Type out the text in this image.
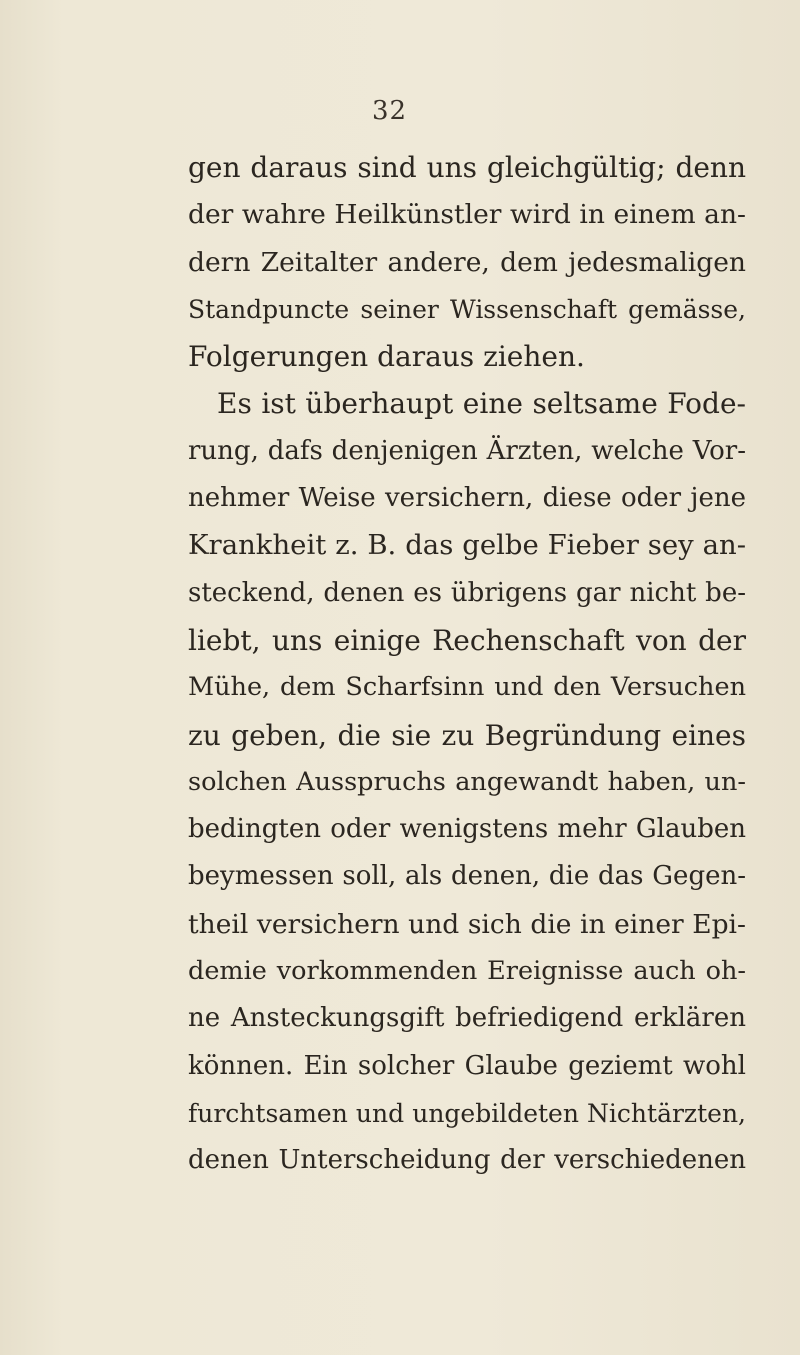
32
gen daraus sind uns gleichgültig; denn
der wahre Heilkünstler wird in einem an-
dern Zeitalter andere, dem jedesmaligen
Standpuncte seiner Wissenschaft gemässe,
Folgerungen daraus ziehen.
Es ist überhaupt eine seltsame Fode-
rung, dafs denjenigen Ärzten, welche Vor-
nehmer Weise versichern, diese oder jene
Krankheit z. B. das gelbe Fieber sey an-
steckend, denen es übrigens gar nicht be-
liebt, uns einige Rechenschaft von der
Mühe, dem Scharfsinn und den Versuchen
zu geben, die sie zu Begründung eines
solchen Ausspruchs angewandt haben, un-
bedingten oder wenigstens mehr Glauben
beymessen soll, als denen, die das Gegen-
theil versichern und sich die in einer Epi-
demie vorkommenden Ereignisse auch oh-
ne Ansteckungsgift befriedigend erklären
können. Ein solcher Glaube geziemt wohl
furchtsamen und ungebildeten Nichtärzten,
denen Unterscheidung der verschiedenen
